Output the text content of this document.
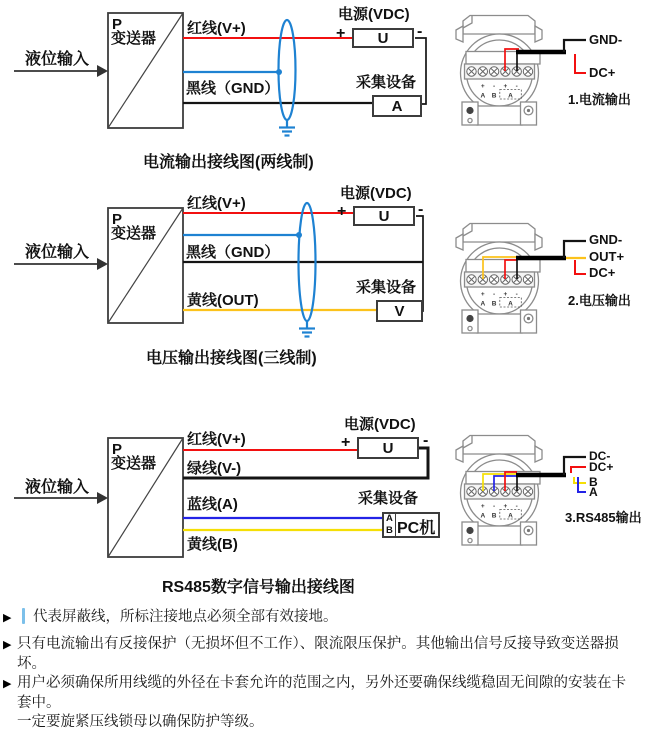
+	-	+	-
A	B	A
液位输入
P
变送器
红线(V+)
黑线（GND）
电源(VDC)
+	U	-
采集设备
A
电流输出接线图(两线制)
GND-
DC+
1.电流输出
液位输入
P
变送器
红线(V+)
黑线（GND）
黄线(OUT)
电源(VDC)
+	U	-
采集设备
V
电压输出接线图(三线制)
GND-
OUT+
DC+
2.电压输出
液位输入
P
变送器
红线(V+)
绿线(V-)
蓝线(A)
黄线(B)
电源(VDC)
+	U	-
采集设备
A
B PC机
RS485数字信号输出接线图
DC-
DC+
B
A
3.RS485输出
▶ 代表屏蔽线，所标注接地点必须全部有效接地。
▶ 只有电流输出有反接保护（无损坏但不工作）、限流限压保护。其他输出信号反接导致变送器损坏。
▶ 用户必须确保所用线缆的外径在卡套允许的范围之内，另外还要确保线缆稳固无间隙的安装在卡套中。
一定要旋紧压线锁母以确保防护等级。
